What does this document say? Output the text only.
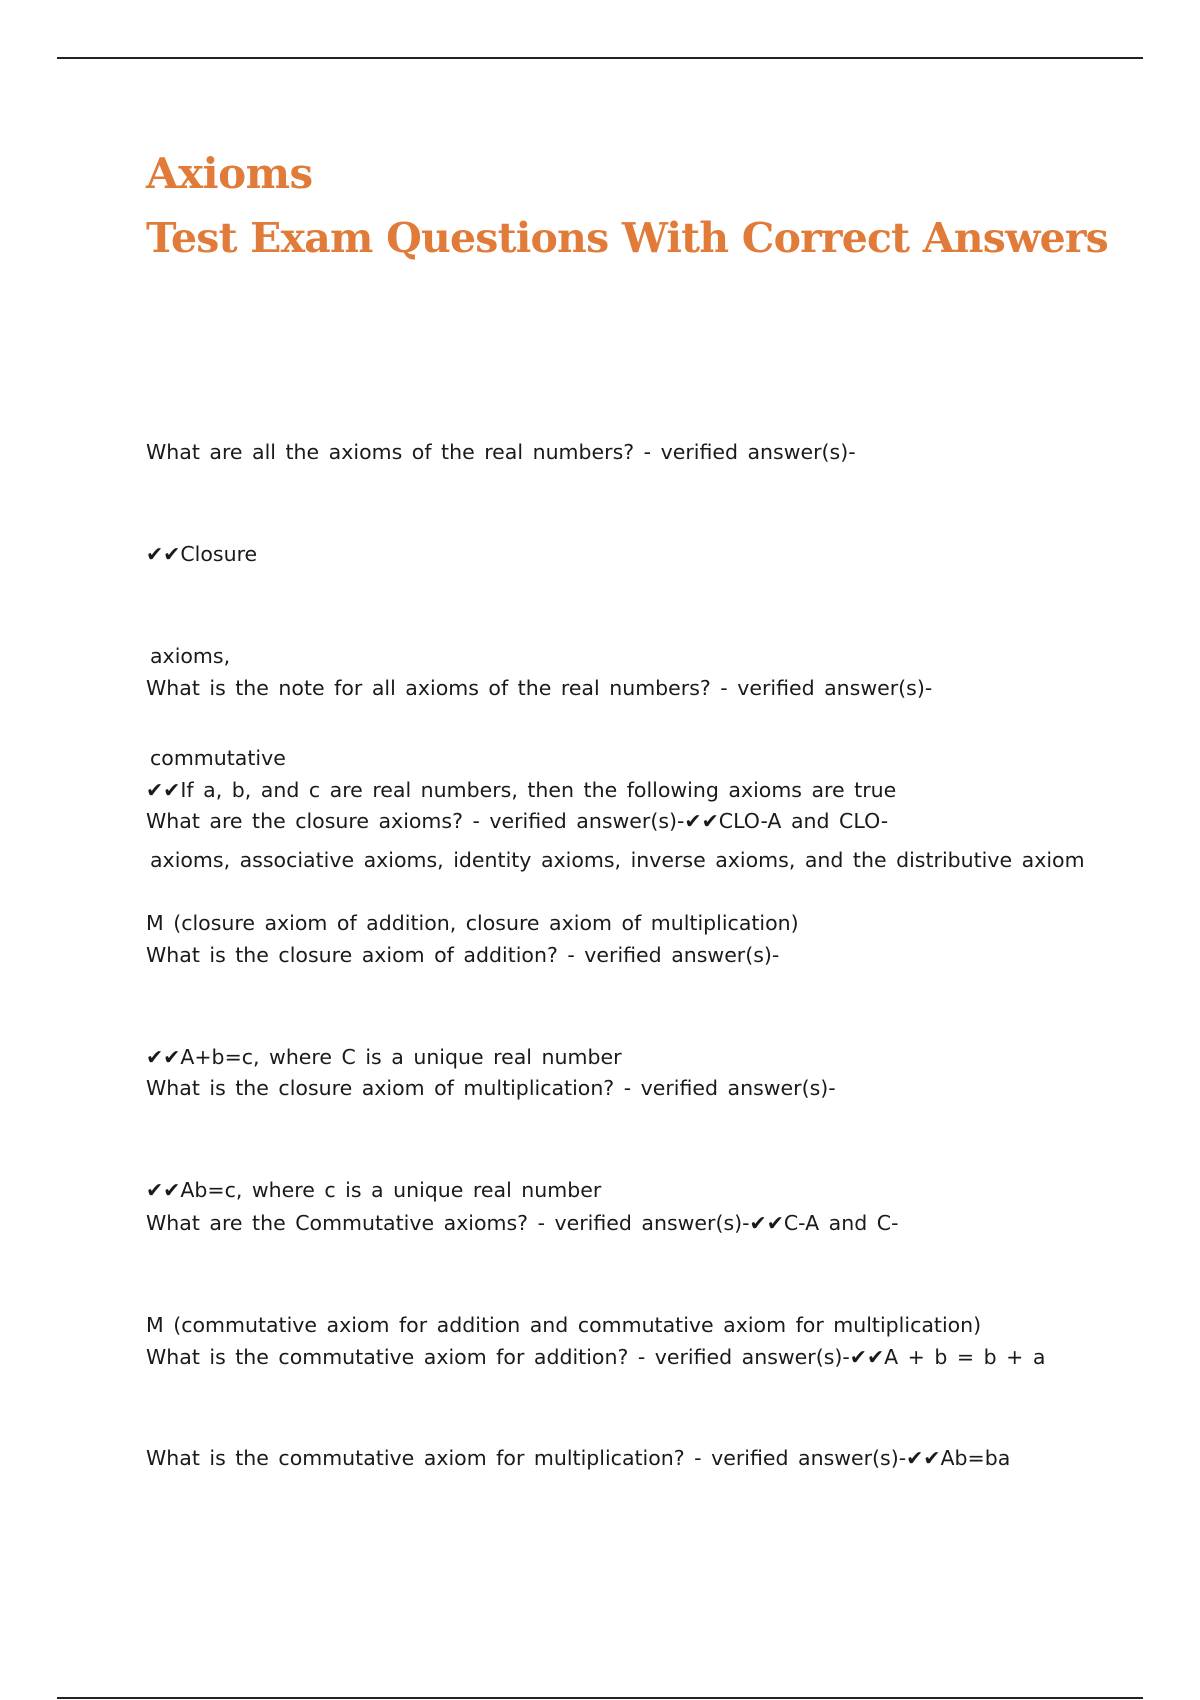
Axioms
Test Exam Questions With Correct Answers

What are all the axioms of the real numbers? - verified answer(s)-

✔✔Closure

axioms,

commutative

axioms, associative axioms, identity axioms, inverse axioms, and the distributive axiom

What is the note for all axioms of the real numbers? - verified answer(s)-

✔✔If a, b, and c are real numbers, then the following axioms are true

What are the closure axioms? - verified answer(s)-✔✔CLO-A and CLO-

M (closure axiom of addition, closure axiom of multiplication)

What is the closure axiom of addition? - verified answer(s)-

✔✔A+b=c, where C is a unique real number

What is the closure axiom of multiplication? - verified answer(s)-

✔✔Ab=c, where c is a unique real number

What are the Commutative axioms? - verified answer(s)-✔✔C-A and C-

M (commutative axiom for addition and commutative axiom for multiplication)

What is the commutative axiom for addition? - verified answer(s)-✔✔A + b = b + a

What is the commutative axiom for multiplication? - verified answer(s)-✔✔Ab=ba
